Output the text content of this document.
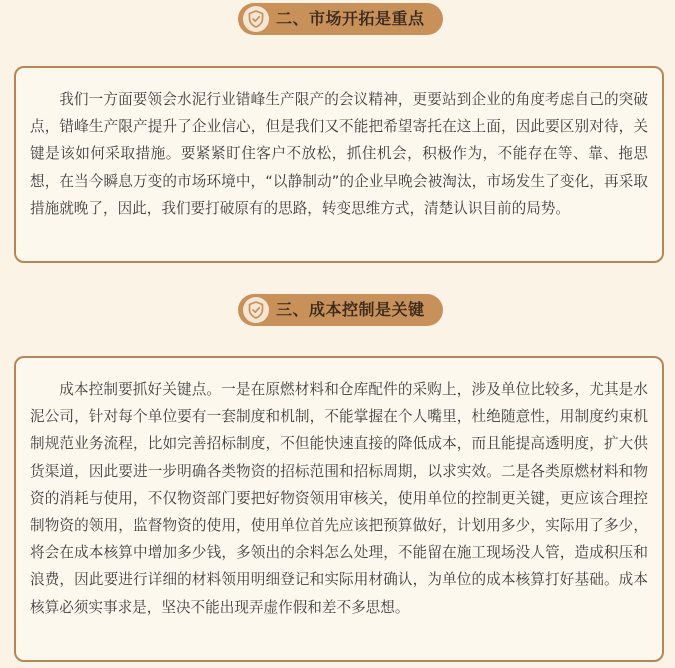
二、市场开拓是重点

我们一方面要领会水泥行业错峰生产限产的会议精神，更要站到企业的角度考虑自己的突破点，错峰生产限产提升了企业信心，但是我们又不能把希望寄托在这上面，因此要区别对待，关键是该如何采取措施。要紧紧盯住客户不放松，抓住机会，积极作为，不能存在等、靠、拖思想，在当今瞬息万变的市场环境中，“以静制动”的企业早晚会被淘汰，市场发生了变化，再采取措施就晚了，因此，我们要打破原有的思路，转变思维方式，清楚认识目前的局势。

三、成本控制是关键

成本控制要抓好关键点。一是在原燃材料和仓库配件的采购上，涉及单位比较多，尤其是水泥公司，针对每个单位要有一套制度和机制，不能掌握在个人嘴里，杜绝随意性，用制度约束机制规范业务流程，比如完善招标制度，不但能快速直接的降低成本，而且能提高透明度，扩大供货渠道，因此要进一步明确各类物资的招标范围和招标周期，以求实效。二是各类原燃材料和物资的消耗与使用，不仅物资部门要把好物资领用审核关，使用单位的控制更关键，更应该合理控制物资的领用，监督物资的使用，使用单位首先应该把预算做好，计划用多少，实际用了多少，将会在成本核算中增加多少钱，多领出的余料怎么处理，不能留在施工现场没人管，造成积压和浪费，因此要进行详细的材料领用明细登记和实际用材确认，为单位的成本核算打好基础。成本核算必须实事求是，坚决不能出现弄虚作假和差不多思想。
